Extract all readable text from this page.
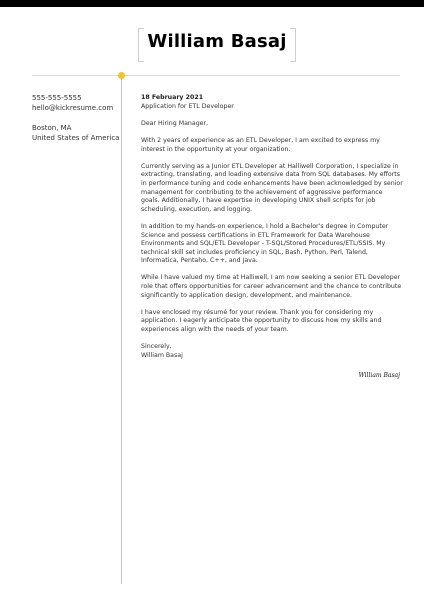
William Basaj
555-555-5555
hello@kickresume.com
Boston, MA
United States of America
18 February 2021
Application for ETL Developer

Dear Hiring Manager,

With 2 years of experience as an ETL Developer, I am excited to express my interest in the opportunity at your organization.

Currently serving as a Junior ETL Developer at Halliwell Corporation, I specialize in extracting, translating, and loading extensive data from SQL databases. My efforts in performance tuning and code enhancements have been acknowledged by senior management for contributing to the achievement of aggressive performance goals. Additionally, I have expertise in developing UNIX shell scripts for job scheduling, execution, and logging.

In addition to my hands-on experience, I hold a Bachelor's degree in Computer Science and possess certifications in ETL Framework for Data Warehouse Environments and SQL/ETL Developer - T-SQL/Stored Procedures/ETL/SSIS. My technical skill set includes proficiency in SQL, Bash, Python, Perl, Talend, Informatica, Pentaho, C++, and Java.

While I have valued my time at Halliwell, I am now seeking a senior ETL Developer role that offers opportunities for career advancement and the chance to contribute significantly to application design, development, and maintenance.

I have enclosed my résumé for your review. Thank you for considering my application. I eagerly anticipate the opportunity to discuss how my skills and experiences align with the needs of your team.

Sincerely,
William Basaj
William Basaj
